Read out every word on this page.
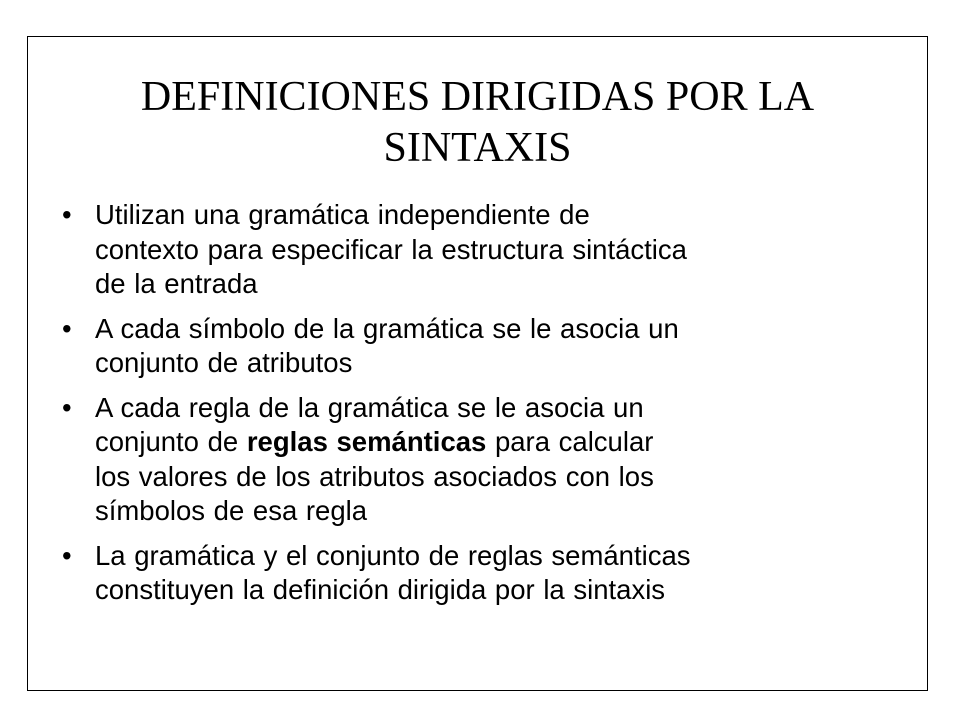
DEFINICIONES DIRIGIDAS POR LA
SINTAXIS
• Utilizan una gramática independiente de
contexto para especificar la estructura sintáctica
de la entrada
• A cada símbolo de la gramática se le asocia un
conjunto de atributos
• A cada regla de la gramática se le asocia un
conjunto de reglas semánticas para calcular
los valores de los atributos asociados con los
símbolos de esa regla
• La gramática y el conjunto de reglas semánticas
constituyen la definición dirigida por la sintaxis
